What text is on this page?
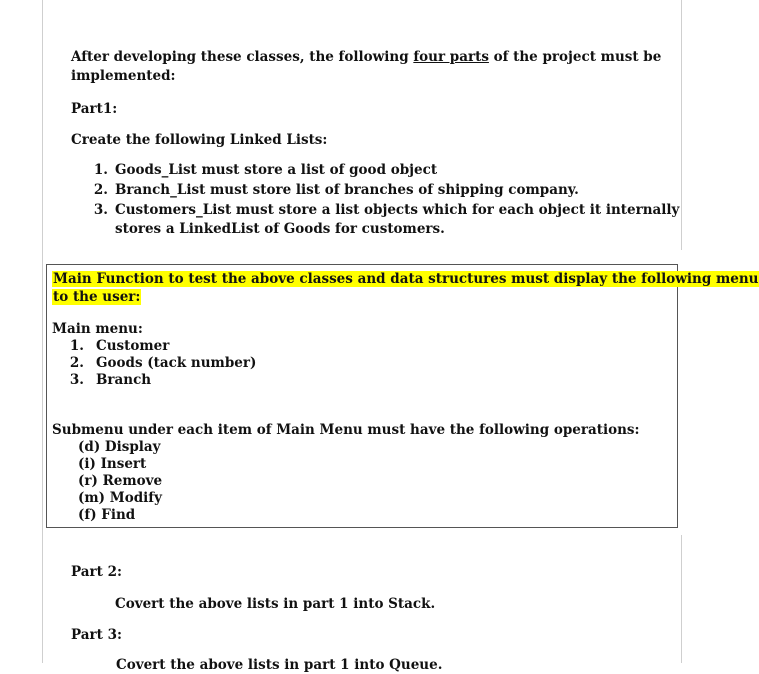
After developing these classes, the following four parts of the project must be
implemented:
Part1:
Create the following Linked Lists:
1. Goods_List must store a list of good object
2. Branch_List must store list of branches of shipping company.
3. Customers_List must store a list objects which for each object it internally
stores a LinkedList of Goods for customers.
Main Function to test the above classes and data structures must display the following menu
to the user:
Main menu:
1. Customer
2. Goods (tack number)
3. Branch
Submenu under each item of Main Menu must have the following operations:
(d) Display
(i) Insert
(r) Remove
(m) Modify
(f) Find
Part 2:
Covert the above lists in part 1 into Stack.
Part 3:
Covert the above lists in part 1 into Queue.
